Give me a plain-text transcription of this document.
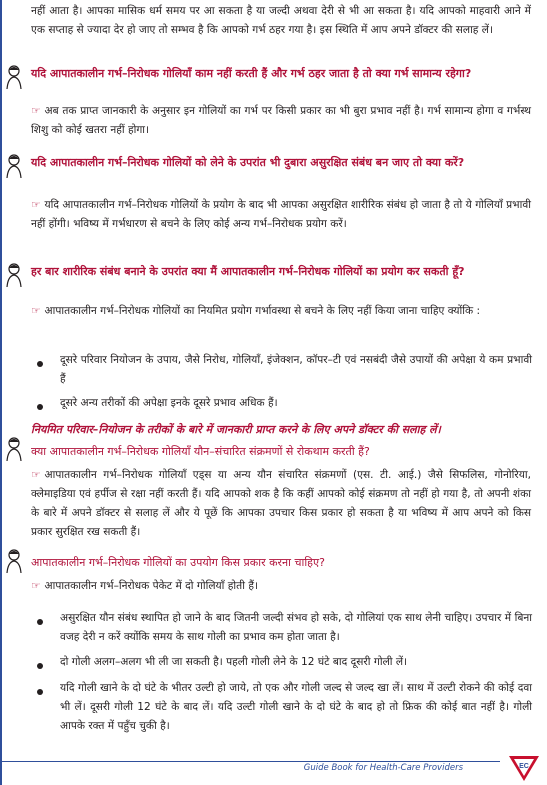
नहीं आता है। आपका मासिक धर्म समय पर आ सकता है या जल्दी अथवा देरी से भी आ सकता है। यदि आपको माहवारी आने में एक सप्ताह से ज्यादा देर हो जाए तो सम्भव है कि आपको गर्भ ठहर गया है। इस स्थिति में आप अपने डॉक्टर की सलाह लें।
यदि आपातकालीन गर्भ–निरोधक गोलियाँ काम नहीं करती हैं और गर्भ ठहर जाता है तो क्या गर्भ सामान्य रहेगा?
☞ अब तक प्राप्त जानकारी के अनुसार इन गोलियों का गर्भ पर किसी प्रकार का भी बुरा प्रभाव नहीं है। गर्भ सामान्य होगा व गर्भस्थ शिशु को कोई खतरा नहीं होगा।
यदि आपातकालीन गर्भ–निरोधक गोलियों को लेने के उपरांत भी दुबारा असुरक्षित संबंध बन जाए तो क्या करें?
☞ यदि आपातकालीन गर्भ–निरोधक गोलियों के प्रयोग के बाद भी आपका असुरक्षित शारीरिक संबंध हो जाता है तो ये गोलियाँ प्रभावी नहीं होंगी। भविष्य में गर्भधारण से बचने के लिए कोई अन्य गर्भ–निरोधक प्रयोग करें।
हर बार शारीरिक संबंध बनाने के उपरांत क्या मैं आपातकालीन गर्भ–निरोधक गोलियों का प्रयोग कर सकती हूँ?
☞ आपातकालीन गर्भ–निरोधक गोलियों का नियमित प्रयोग गर्भावस्था से बचने के लिए नहीं किया जाना चाहिए क्योंकि :
दूसरे परिवार नियोजन के उपाय, जैसे निरोध, गोलियाँ, इंजेक्शन, कॉपर–टी एवं नसबंदी जैसे उपायों की अपेक्षा ये कम प्रभावी हैं
दूसरे अन्य तरीकों की अपेक्षा इनके दूसरे प्रभाव अधिक हैं।
नियमित परिवार–नियोजन के तरीकों के बारे में जानकारी प्राप्त करने के लिए अपने डॉक्टर की सलाह लें।
क्या आपातकालीन गर्भ–निरोधक गोलियाँ यौन–संचारित संक्रमणों से रोकथाम करती हैं?
☞ आपातकालीन गर्भ–निरोधक गोलियाँ एड्स या अन्य यौन संचारित संक्रमणों (एस. टी. आई.) जैसे सिफलिस, गोनोरिया, क्लेमाइडिया एवं हर्पीज से रक्षा नहीं करती हैं। यदि आपको शक है कि कहीं आपको कोई संक्रमण तो नहीं हो गया है, तो अपनी शंका के बारे में अपने डॉक्टर से सलाह लें और ये पूछें कि आपका उपचार किस प्रकार हो सकता है या भविष्य में आप अपने को किस प्रकार सुरक्षित रख सकती हैं।
आपातकालीन गर्भ–निरोधक गोलियों का उपयोग किस प्रकार करना चाहिए?
☞ आपातकालीन गर्भ–निरोधक पेकेट में दो गोलियाँ होती हैं।
असुरक्षित यौन संबंध स्थापित हो जाने के बाद जितनी जल्दी संभव हो सके, दो गोलियां एक साथ लेनी चाहिए। उपचार में बिना वजह देरी न करें क्योंकि समय के साथ गोली का प्रभाव कम होता जाता है।
दो गोली अलग–अलग भी ली जा सकती है। पहली गोली लेने के 12 घंटे बाद दूसरी गोली लें।
यदि गोली खाने के दो घंटे के भीतर उल्टी हो जाये, तो एक और गोली जल्द से जल्द खा लें। साथ में उल्टी रोकने की कोई दवा भी लें। दूसरी गोली 12 घंटे के बाद लें। यदि उल्टी गोली खाने के दो घंटे के बाद हो तो फ्रिक की कोई बात नहीं है। गोली आपके रक्त में पहुँच चुकी है।
Guide Book for Health-Care Providers	EC
